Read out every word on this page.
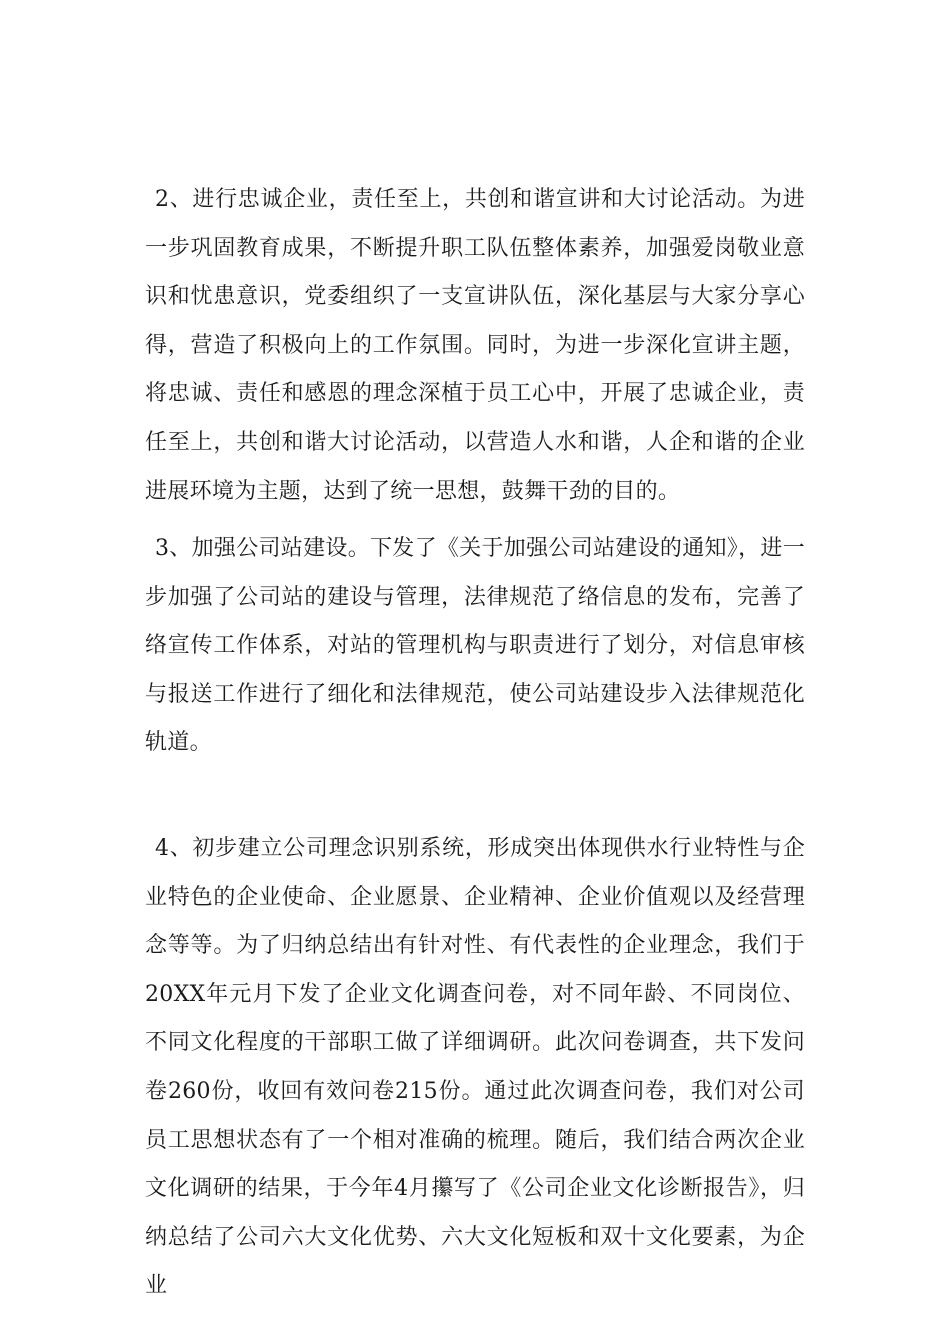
2、进行忠诚企业，责任至上，共创和谐宣讲和大讨论活动。为进一步巩固教育成果，不断提升职工队伍整体素养，加强爱岗敬业意识和忧患意识，党委组织了一支宣讲队伍，深化基层与大家分享心得，营造了积极向上的工作氛围。同时，为进一步深化宣讲主题，将忠诚、责任和感恩的理念深植于员工心中，开展了忠诚企业，责任至上，共创和谐大讨论活动，以营造人水和谐，人企和谐的企业进展环境为主题，达到了统一思想，鼓舞干劲的目的。

3、加强公司站建设。下发了《关于加强公司站建设的通知》，进一步加强了公司站的建设与管理，法律规范了络信息的发布，完善了络宣传工作体系，对站的管理机构与职责进行了划分，对信息审核与报送工作进行了细化和法律规范，使公司站建设步入法律规范化轨道。

4、初步建立公司理念识别系统，形成突出体现供水行业特性与企业特色的企业使命、企业愿景、企业精神、企业价值观以及经营理念等等。为了归纳总结出有针对性、有代表性的企业理念，我们于20XX年元月下发了企业文化调查问卷，对不同年龄、不同岗位、不同文化程度的干部职工做了详细调研。此次问卷调查，共下发问卷260份，收回有效问卷215份。通过此次调查问卷，我们对公司员工思想状态有了一个相对准确的梳理。随后，我们结合两次企业文化调研的结果，于今年4月攥写了《公司企业文化诊断报告》，归纳总结了公司六大文化优势、六大文化短板和双十文化要素，为企业
